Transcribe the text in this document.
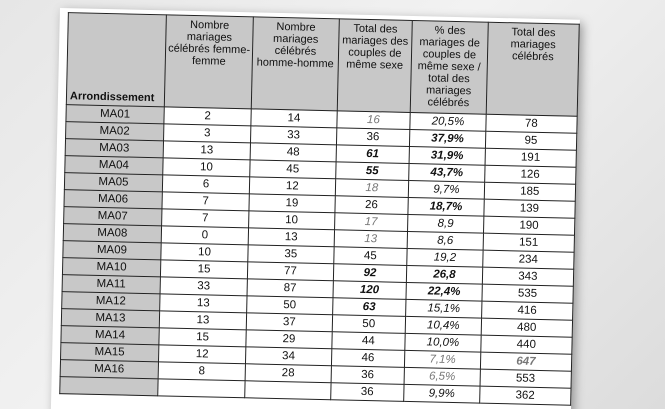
Arrondissement	Nombre mariages célébrés femme-femme	Nombre mariages célébrés homme-homme	Total des mariages des couples de même sexe	% des mariages de couples de même sexe / total des mariages célébrés	Total des mariages célébrés
MA01	2	14	16	20,5%	78
MA02	3	33	36	37,9%	95
MA03	13	48	61	31,9%	191
MA04	10	45	55	43,7%	126
MA05	6	12	18	9,7%	185
MA06	7	19	26	18,7%	139
MA07	7	10	17	8,9	190
MA08	0	13	13	8,6	151
MA09	10	35	45	19,2	234
MA10	15	77	92	26,8	343
MA11	33	87	120	22,4%	535
MA12	13	50	63	15,1%	416
MA13	13	37	50	10,4%	480
MA14	15	29	44	10,0%	440
MA15	12	34	46	7,1%	647
MA16	8	28	36	6,5%	553
			36	9,9%	362
